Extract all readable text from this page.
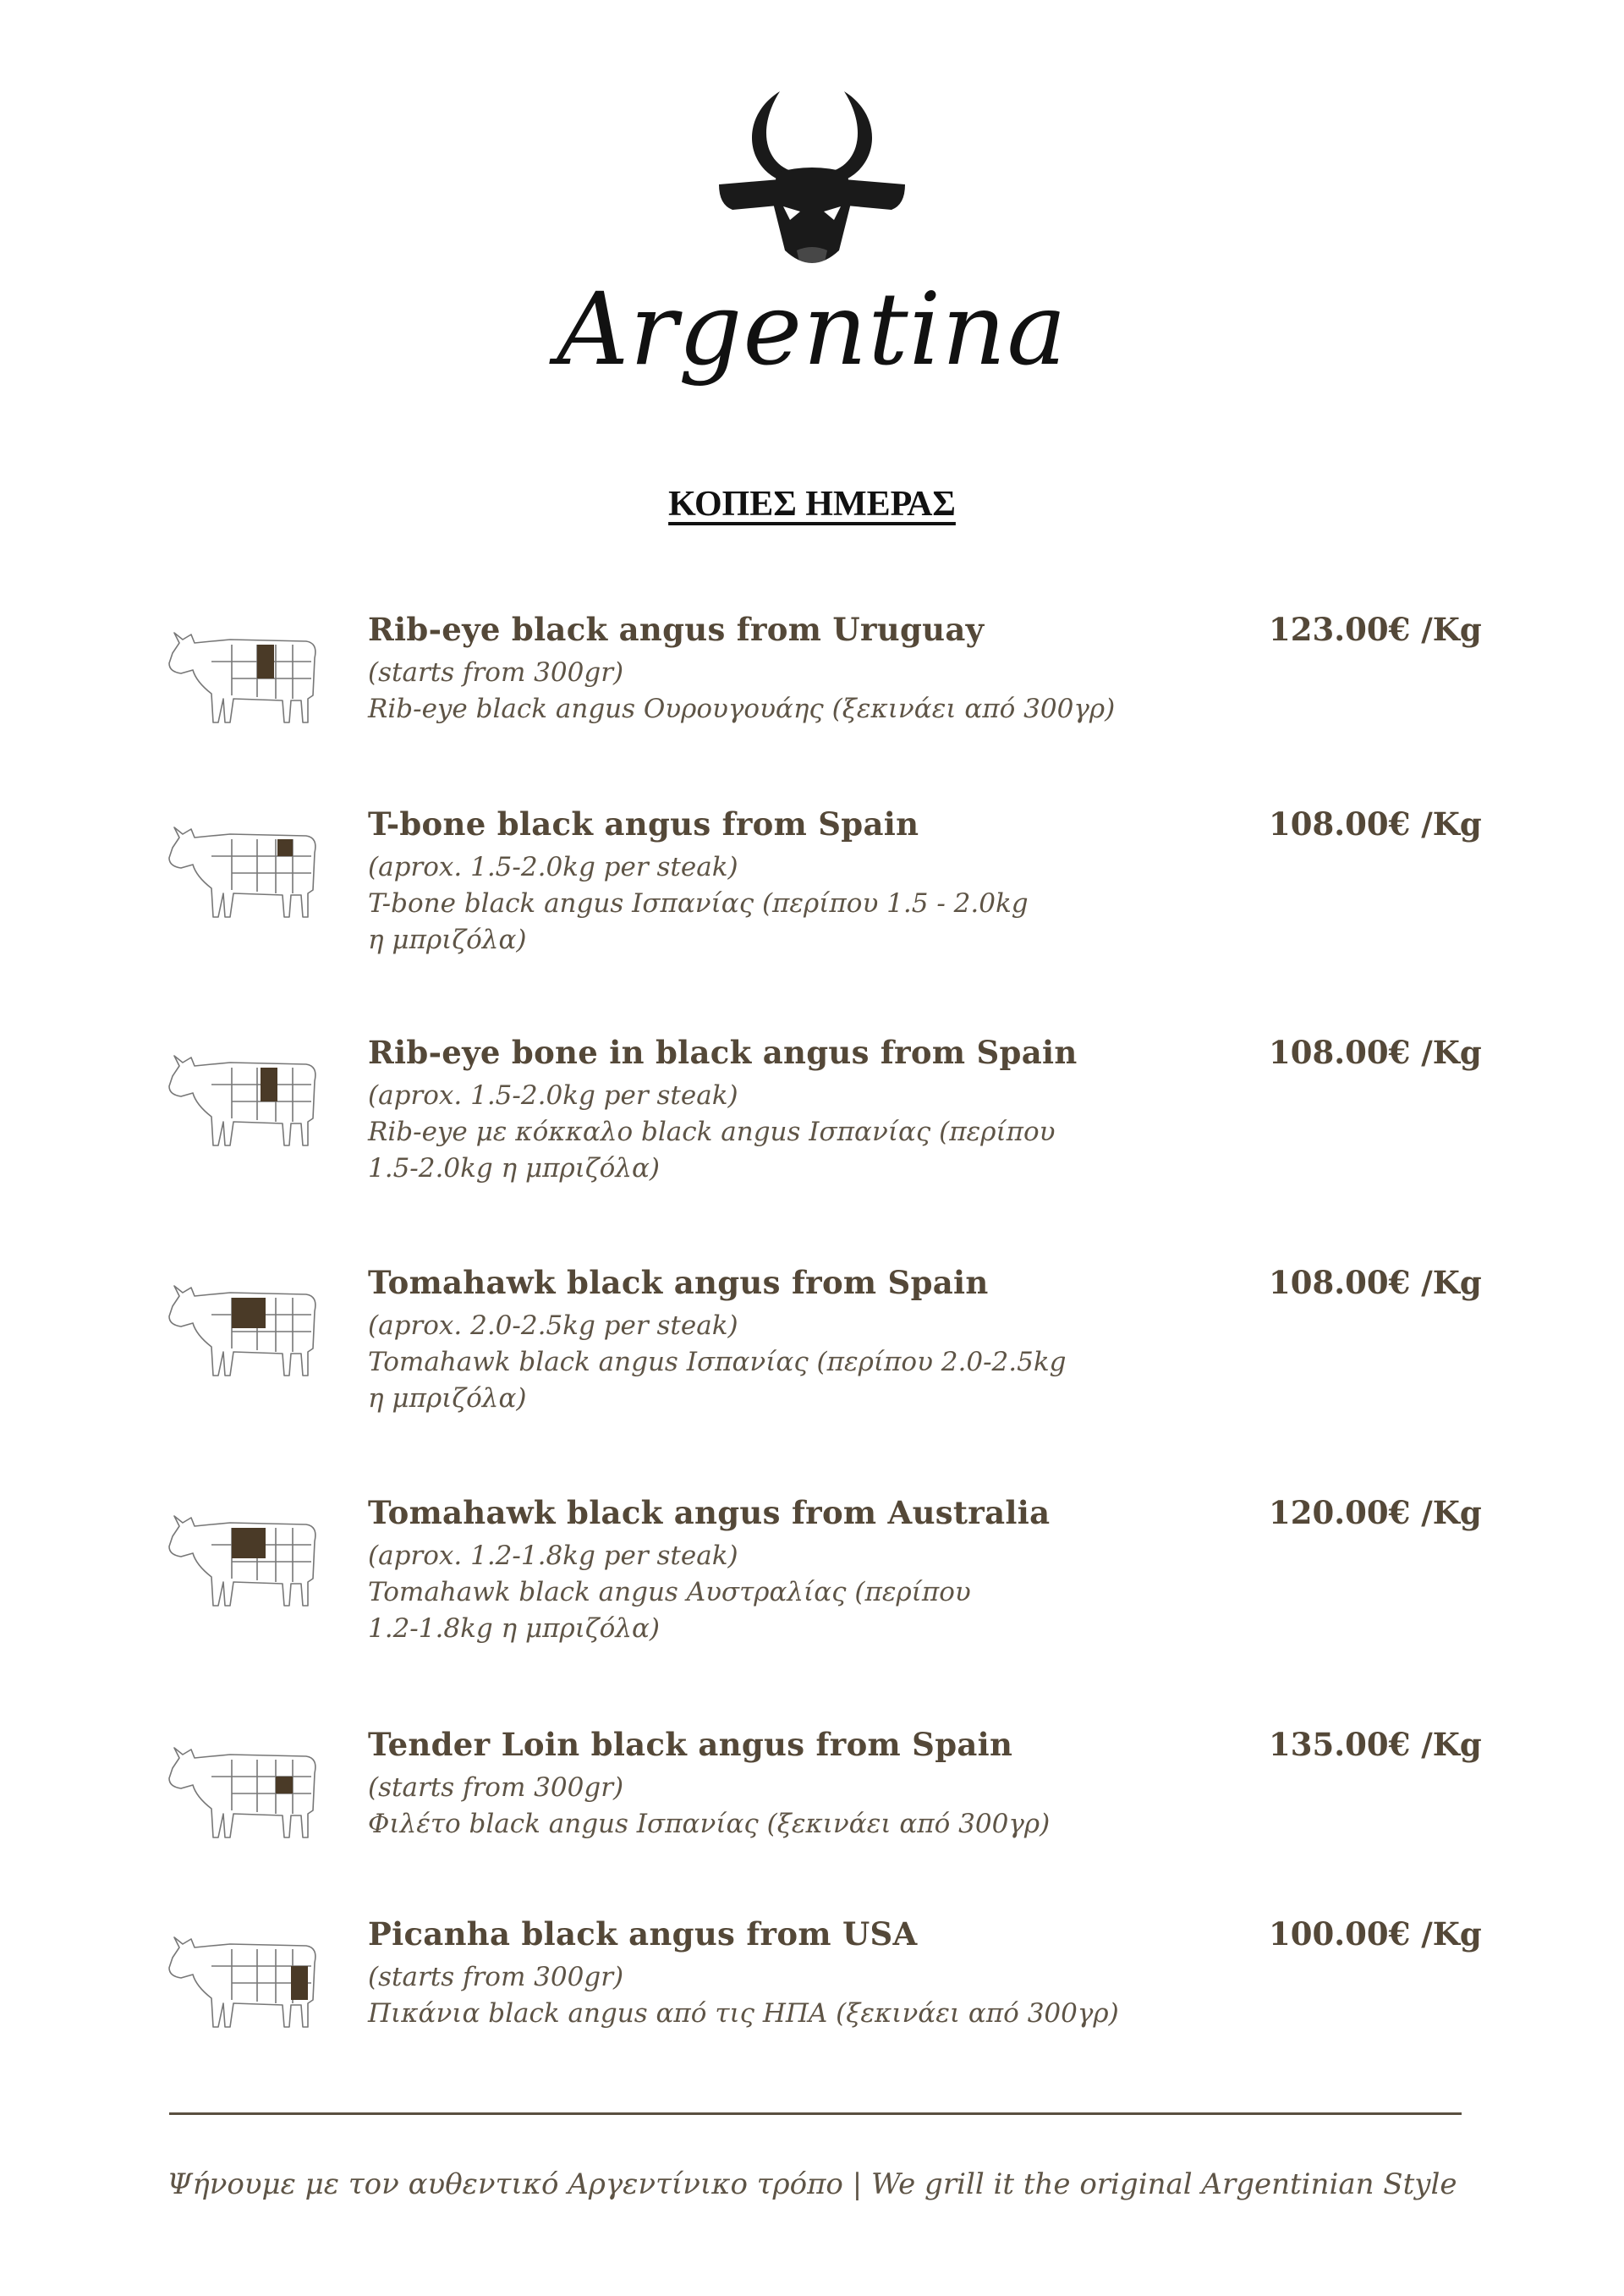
Argentina
ΚΟΠΕΣ ΗΜΕΡΑΣ
Rib-eye black angus from Uruguay	123.00€ /Kg
(starts from 300gr)
Rib-eye black angus Ουρουγουάης (ξεκινάει από 300γρ)
T-bone black angus from Spain	108.00€ /Kg
(aprox. 1.5-2.0kg per steak)
T-bone black angus Ισπανίας (περίπου 1.5 - 2.0kg
η μπριζόλα)
Rib-eye bone in black angus from Spain	108.00€ /Kg
(aprox. 1.5-2.0kg per steak)
Rib-eye με κόκκαλο black angus Ισπανίας (περίπου
1.5-2.0kg η μπριζόλα)
Tomahawk black angus from Spain	108.00€ /Kg
(aprox. 2.0-2.5kg per steak)
Tomahawk black angus Ισπανίας (περίπου 2.0-2.5kg
η μπριζόλα)
Tomahawk black angus from Australia	120.00€ /Kg
(aprox. 1.2-1.8kg per steak)
Tomahawk black angus Αυστραλίας (περίπου
1.2-1.8kg η μπριζόλα)
Tender Loin black angus from Spain	135.00€ /Kg
(starts from 300gr)
Φιλέτο black angus Ισπανίας (ξεκινάει από 300γρ)
Picanha black angus from USA	100.00€ /Kg
(starts from 300gr)
Πικάνια black angus από τις ΗΠΑ (ξεκινάει από 300γρ)
Ψήνουμε με τον αυθεντικό Αργεντίνικο τρόπο | We grill it the original Argentinian Style
